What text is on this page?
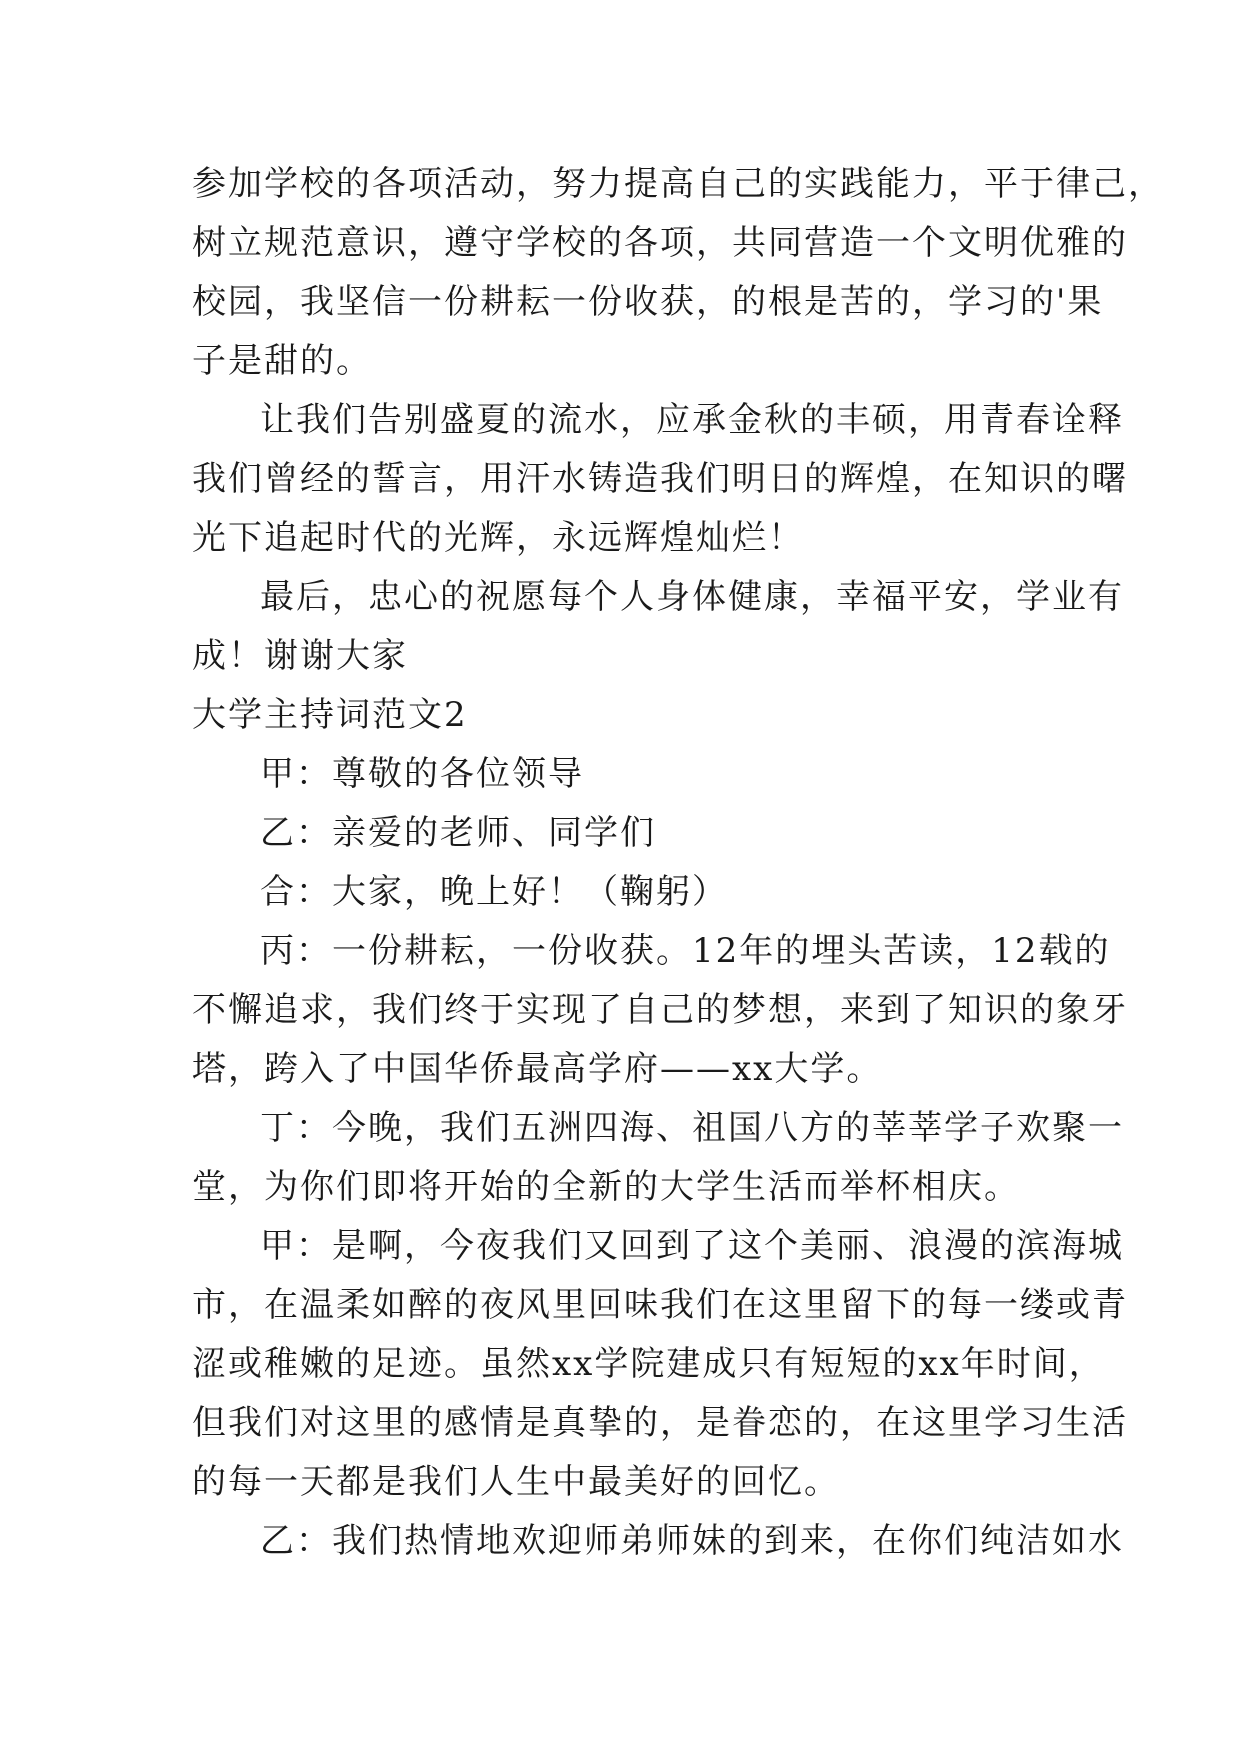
参加学校的各项活动，努力提高自己的实践能力，平于律己，
树立规范意识，遵守学校的各项，共同营造一个文明优雅的
校园，我坚信一份耕耘一份收获，的根是苦的，学习的'果
子是甜的。
让我们告别盛夏的流水，应承金秋的丰硕，用青春诠释
我们曾经的誓言，用汗水铸造我们明日的辉煌，在知识的曙
光下追起时代的光辉，永远辉煌灿烂！
最后，忠心的祝愿每个人身体健康，幸福平安，学业有
成！谢谢大家
大学主持词范文2
甲：尊敬的各位领导
乙：亲爱的老师、同学们
合：大家，晚上好！（鞠躬）
丙：一份耕耘，一份收获。12年的埋头苦读，12载的
不懈追求，我们终于实现了自己的梦想，来到了知识的象牙
塔，跨入了中国华侨最高学府——xx大学。
丁：今晚，我们五洲四海、祖国八方的莘莘学子欢聚一
堂，为你们即将开始的全新的大学生活而举杯相庆。
甲：是啊，今夜我们又回到了这个美丽、浪漫的滨海城
市，在温柔如醉的夜风里回味我们在这里留下的每一缕或青
涩或稚嫩的足迹。虽然xx学院建成只有短短的xx年时间，
但我们对这里的感情是真挚的，是眷恋的，在这里学习生活
的每一天都是我们人生中最美好的回忆。
乙：我们热情地欢迎师弟师妹的到来，在你们纯洁如水
